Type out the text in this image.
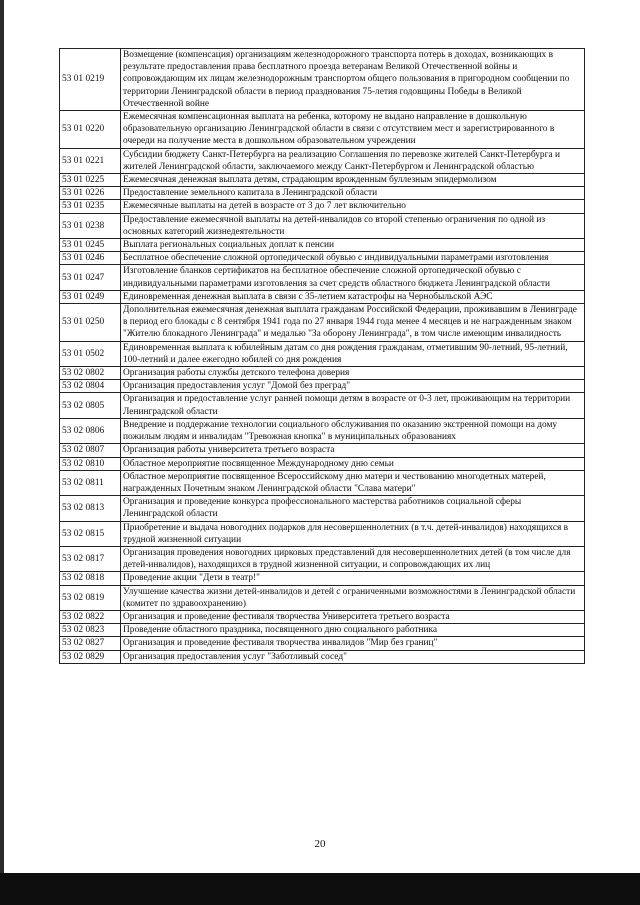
53 01 0219	Возмещение (компенсация) организациям железнодорожного транспорта потерь в доходах, возникающих в результате предоставления права бесплатного проезда ветеранам Великой Отечественной войны и сопровождающим их лицам железнодорожным транспортом общего пользования в пригородном сообщении по территории Ленинградской области в период празднования 75-летия годовщины Победы в Великой Отечественной войне
53 01 0220	Ежемесячная компенсационная выплата на ребенка, которому не выдано направление в дошкольную образовательную организацию Ленинградской области в связи с отсутствием мест и зарегистрированного в очереди на получение места в дошкольном образовательном учреждении
53 01 0221	Субсидии бюджету Санкт-Петербурга на реализацию Соглашения по перевозке жителей Санкт-Петербурга и жителей Ленинградской области, заключаемого между Санкт-Петербургом и Ленинградской областью
53 01 0225	Ежемесячная денежная выплата детям, страдающим врожденным буллезным эпидермолизом
53 01 0226	Предоставление земельного капитала в Ленинградской области
53 01 0235	Ежемесячные выплаты на детей в возрасте от 3 до 7 лет включительно
53 01 0238	Предоставление ежемесячной выплаты на детей-инвалидов со второй степенью ограничения по одной из основных категорий жизнедеятельности
53 01 0245	Выплата региональных социальных доплат к пенсии
53 01 0246	Бесплатное обеспечение сложной ортопедической обувью с индивидуальными параметрами изготовления
53 01 0247	Изготовление бланков сертификатов на бесплатное обеспечение сложной ортопедической обувью с индивидуальными параметрами изготовления за счет средств областного бюджета Ленинградской области
53 01 0249	Единовременная денежная выплата в связи с 35-летием катастрофы на Чернобыльской АЭС
53 01 0250	Дополнительная ежемесячная денежная выплата гражданам Российской Федерации, проживавшим в Ленинграде в период его блокады с 8 сентября 1941 года по 27 января 1944 года менее 4 месяцев и не награжденным знаком "Жителю блокадного Ленинграда" и медалью "За оборону Ленинграда", в том числе имеющим инвалидность
53 01 0502	Единовременная выплата к юбилейным датам со дня рождения гражданам, отметившим 90-летний, 95-летний, 100-летний и далее ежегодно юбилей со дня рождения
53 02 0802	Организация работы службы детского телефона доверия
53 02 0804	Организация предоставления услуг "Домой без преград"
53 02 0805	Организация и предоставление услуг ранней помощи детям в возрасте от 0-3 лет, проживающим на территории Ленинградской области
53 02 0806	Внедрение и поддержание технологии социального обслуживания по оказанию экстренной помощи на дому пожилым людям и инвалидам "Тревожная кнопка" в муниципальных образованиях
53 02 0807	Организация работы университета третьего возраста
53 02 0810	Областное мероприятие посвященное Международному дню семьи
53 02 0811	Областное мероприятие посвященное Всероссийскому дню матери и чествованию многодетных матерей, награжденных Почетным знаком Ленинградской области "Слава матери"
53 02 0813	Организация и проведение конкурса профессионального мастерства работников социальной сферы Ленинградской области
53 02 0815	Приобретение и выдача новогодних подарков для несовершеннолетних (в т.ч. детей-инвалидов) находящихся в трудной жизненной ситуации
53 02 0817	Организация проведения новогодних цирковых представлений для несовершеннолетних детей (в том числе для детей-инвалидов), находящихся в трудной жизненной ситуации, и сопровождающих их лиц
53 02 0818	Проведение акции "Дети в театр!"
53 02 0819	Улучшение качества жизни детей-инвалидов и детей с ограниченными возможностями в Ленинградской области (комитет по здравоохранению)
53 02 0822	Организация и проведение фестиваля творчества Университета третьего возраста
53 02 0823	Проведение областного праздника, посвященного дню социального работника
53 02 0827	Организация и проведение фестиваля творчества инвалидов "Мир без границ"
53 02 0829	Организация предоставления услуг "Заботливый сосед"
20
